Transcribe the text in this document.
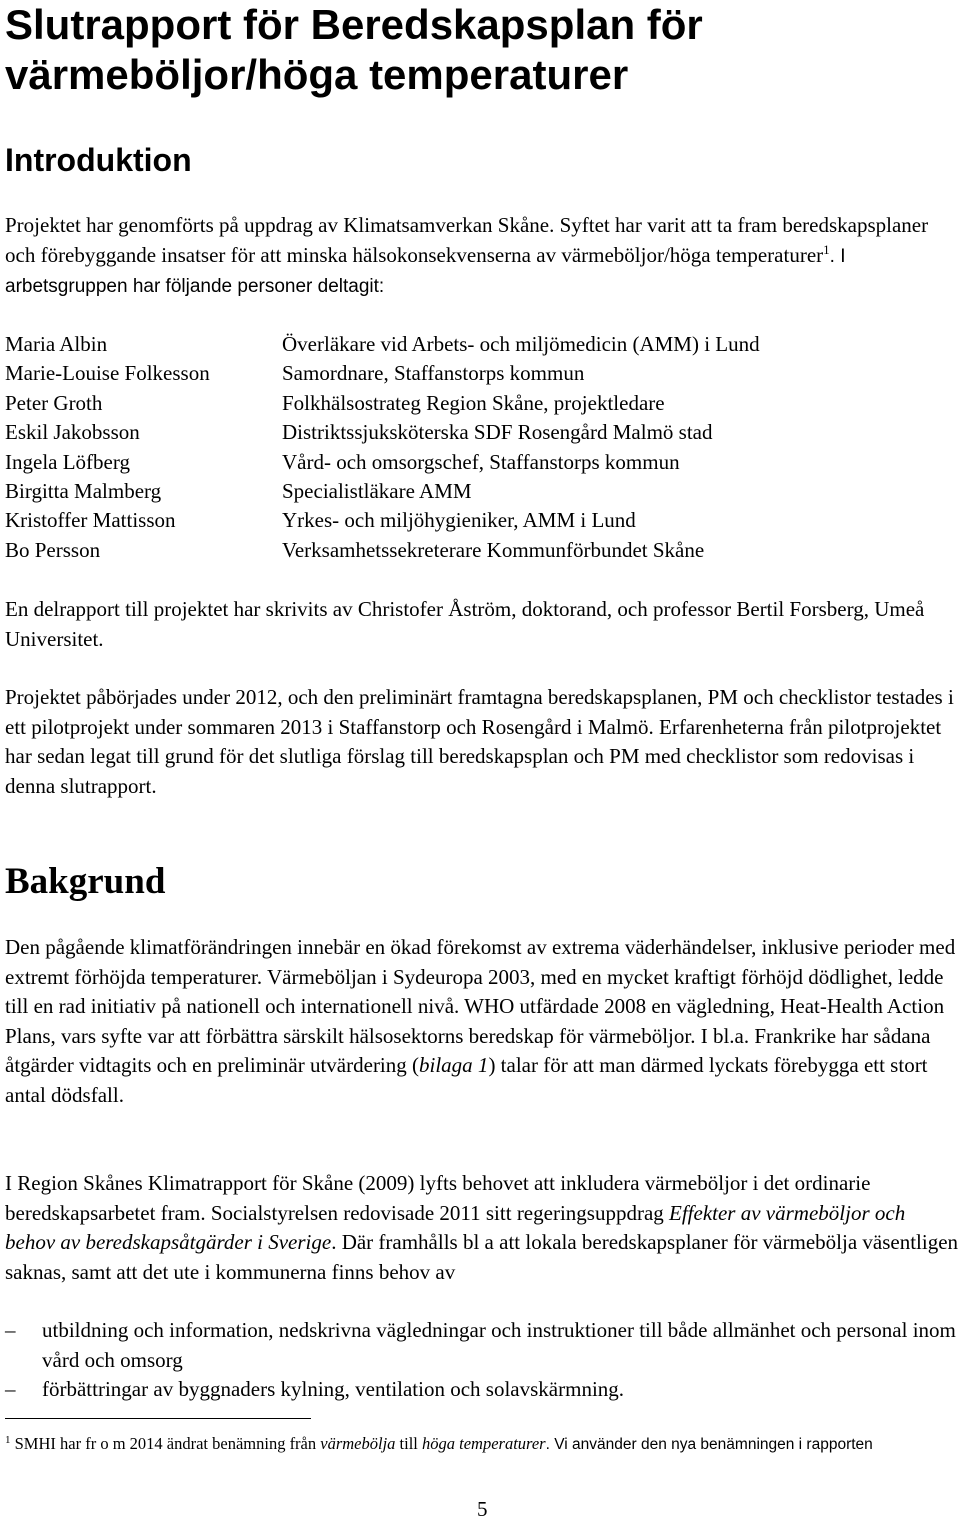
Slutrapport för Beredskapsplan för värmeböljor/höga temperaturer
Introduktion

Projektet har genomförts på uppdrag av Klimatsamverkan Skåne. Syftet har varit att ta fram beredskapsplaner och förebyggande insatser för att minska hälsokonsekvenserna av värmeböljor/höga temperaturer$^1$. I arbetsgruppen har följande personer deltagit:

Maria Albin	Överläkare vid Arbets- och miljömedicin (AMM) i Lund
Marie-Louise Folkesson	Samordnare, Staffanstorps kommun
Peter Groth	Folkhälsostrateg Region Skåne, projektledare
Eskil Jakobsson	Distriktssjuksköterska SDF Rosengård Malmö stad
Ingela Löfberg	Vård- och omsorgschef, Staffanstorps kommun
Birgitta Malmberg	Specialistläkare AMM
Kristoffer Mattisson	Yrkes- och miljöhygieniker, AMM i Lund
Bo Persson	Verksamhetssekreterare Kommunförbundet Skåne

En delrapport till projektet har skrivits av Christofer Åström, doktorand, och professor Bertil Forsberg, Umeå Universitet.

Projektet påbörjades under 2012, och den preliminärt framtagna beredskapsplanen, PM och checklistor testades i ett pilotprojekt under sommaren 2013 i Staffanstorp och Rosengård i Malmö. Erfarenheterna från pilotprojektet har sedan legat till grund för det slutliga förslag till beredskapsplan och PM med checklistor som redovisas i denna slutrapport.

Bakgrund

Den pågående klimatförändringen innebär en ökad förekomst av extrema väderhändelser, inklusive perioder med extremt förhöjda temperaturer. Värmeböljan i Sydeuropa 2003, med en mycket kraftigt förhöjd dödlighet, ledde till en rad initiativ på nationell och internationell nivå. WHO utfärdade 2008 en vägledning, Heat-Health Action Plans, vars syfte var att förbättra särskilt hälsosektorns beredskap för värmeböljor. I bl.a. Frankrike har sådana åtgärder vidtagits och en preliminär utvärdering (bilaga 1) talar för att man därmed lyckats förebygga ett stort antal dödsfall.

I Region Skånes Klimatrapport för Skåne (2009) lyfts behovet att inkludera värmeböljor i det ordinarie beredskapsarbetet fram. Socialstyrelsen redovisade 2011 sitt regeringsuppdrag Effekter av värmeböljor och behov av beredskapsåtgärder i Sverige. Där framhålls bl a att lokala beredskapsplaner för värmebölja väsentligen saknas, samt att det ute i kommunerna finns behov av

– utbildning och information, nedskrivna vägledningar och instruktioner till både allmänhet och personal inom vård och omsorg
– förbättringar av byggnaders kylning, ventilation och solavskärmning.

$^1$ SMHI har fr o m 2014 ändrat benämning från värmebölja till höga temperaturer. Vi använder den nya benämningen i rapporten

5
